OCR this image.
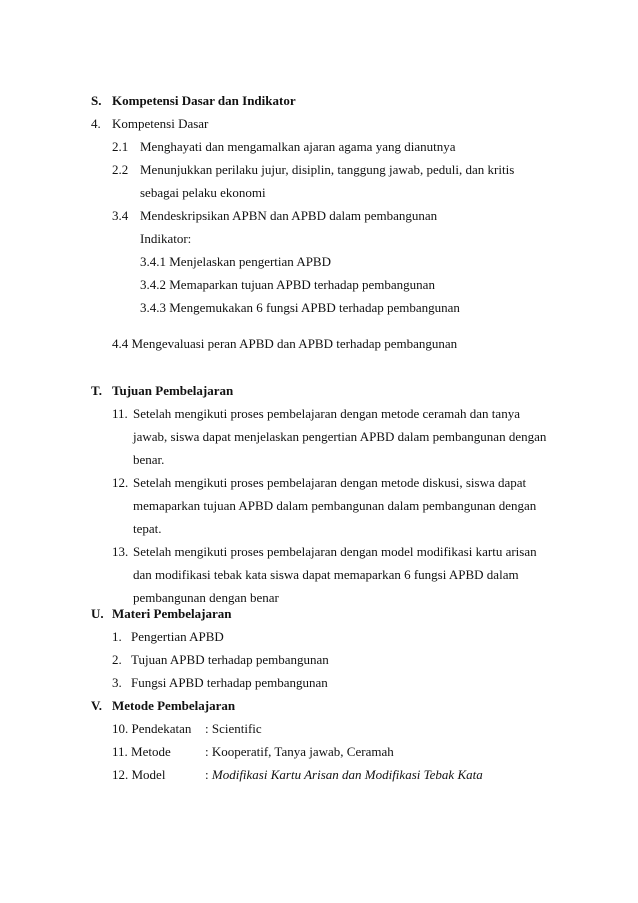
S. Kompetensi Dasar dan Indikator
4. Kompetensi Dasar
2.1 Menghayati dan mengamalkan ajaran agama yang dianutnya
2.2 Menunjukkan perilaku jujur, disiplin, tanggung jawab, peduli, dan kritis
sebagai pelaku ekonomi
3.4 Mendeskripsikan APBN dan APBD dalam pembangunan
Indikator:
3.4.1 Menjelaskan pengertian APBD
3.4.2 Memaparkan tujuan APBD terhadap pembangunan
3.4.3 Mengemukakan 6 fungsi APBD terhadap pembangunan
4.4 Mengevaluasi peran APBD dan APBD terhadap pembangunan
T. Tujuan Pembelajaran
11. Setelah mengikuti proses pembelajaran dengan metode ceramah dan tanya
jawab, siswa dapat menjelaskan pengertian APBD dalam pembangunan dengan
benar.
12. Setelah mengikuti proses pembelajaran dengan metode diskusi, siswa dapat
memaparkan tujuan APBD dalam pembangunan dalam pembangunan dengan
tepat.
13. Setelah mengikuti proses pembelajaran dengan model modifikasi kartu arisan
dan modifikasi tebak kata siswa dapat memaparkan 6 fungsi APBD dalam
pembangunan dengan benar
U. Materi Pembelajaran
1. Pengertian APBD
2. Tujuan APBD terhadap pembangunan
3. Fungsi APBD terhadap pembangunan
V. Metode Pembelajaran
10. Pendekatan : Scientific
11. Metode	: Kooperatif, Tanya jawab, Ceramah
12. Model	: Modifikasi Kartu Arisan dan Modifikasi Tebak Kata
